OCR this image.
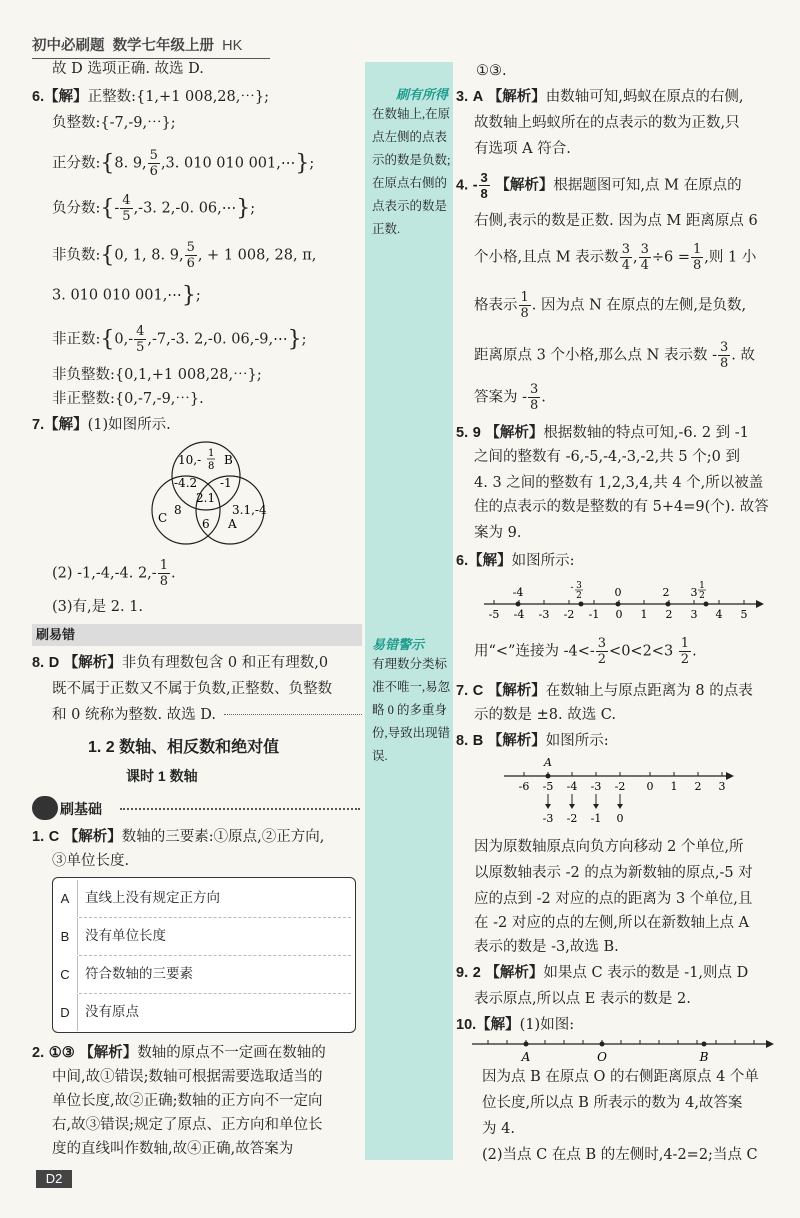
初中必刷题 数学七年级上册 HK
刷有所得
在数轴上,在原点左侧的点表示的数是负数;在原点右侧的点表示的数是正数.
易错警示
有理数分类标准不唯一,易忽略 0 的多重身份,导致出现错误.
故 D 选项正确. 故选 D.
6.【解】正整数:{1,+1 008,28,⋯};
负整数:{-7,-9,⋯};
正分数:{8. 9, $\frac{5}{6} ,3$. 010 010 001,⋯};
负分数:{- $\frac{4}{5} ,-3$. 2,-0. 06,⋯};
非负数:{0, 1, 8. 9, $\frac{5}{6}$ , + 1 008, 28, π,
3. 010 010 001,⋯};
非正数:{0,- $\frac{4}{5} ,-7,-3$. 2,-0. 06,-9,⋯};
非负整数:{0,1,+1 008,28,⋯};
非正整数:{0,-7,-9,⋯}.
7.【解】(1)如图所示.
10,- 1
8 B
-4.2 -1
2.1
C
8	3.1,-4
6 A
(2) -1,-4,-4. $2,- \frac{1}{8}$ .
(3)有,是 2. 1.
刷易错
8. D 【解析】非负有理数包含 0 和正有理数,0
既不属于正数又不属于负数,正整数、负整数
和 0 统称为整数. 故选 D.
1. 2 数轴、相反数和绝对值
课时 1 数轴
刷基础
1. C 【解析】数轴的三要素:①原点,②正方向,
③单位长度.
A	直线上没有规定正方向
B	没有单位长度
C	符合数轴的三要素
D	没有原点
2. ①③ 【解析】数轴的原点不一定画在数轴的
中间,故①错误;数轴可根据需要选取适当的
单位长度,故②正确;数轴的正方向不一定向
右,故③错误;规定了原点、正方向和单位长
度的直线叫作数轴,故④正确,故答案为
D2
①③.
3. A 【解析】由数轴可知,蚂蚁在原点的右侧,
故数轴上蚂蚁所在的点表示的数为正数,只
有选项 A 符合.
4. - $\frac{3}{8}$ 【解析】根据题图可知,点 M 在原点的
右侧,表示的数是正数. 因为点 M 距离原点 6
个小格,且点 M 表示数 $\frac{3}{4}$ , $\frac{3}{4} \div 6 = \frac{1}{8}$ ,则 1 小
格表示 $\frac{1}{8}$ . 因为点 N 在原点的左侧,是负数,
距离原点 3 个小格,那么点 N 表示数 - $\frac{3}{8}$ . 故
答案为 - $\frac{3}{8}$ .
5. 9 【解析】根据数轴的特点可知,-6. 2 到 -1
之间的整数有 -6,-5,-4,-3,-2,共 5 个;0 到
4. 3 之间的整数有 1,2,3,4,共 4 个,所以被盖
住的点表示的数是整数的有 5+4=9(个). 故答
案为 9.
6.【解】如图所示:
-5 -4 -3 -2 -1 0 1 2 3 4 5
-4	- 3
2	0	2 3 1
2
用“<”连接为 $-4<- \frac{3}{2} <0<2<3 \frac{1}{2}$ .
7. C 【解析】在数轴上与原点距离为 8 的点表
示的数是 ±8. 故选 C.
8. B 【解析】如图所示:
A
-6 -5 -4 -3 -2 0 1 2 3
-3 -2 -1 0
因为原数轴原点向负方向移动 2 个单位,所
以原数轴表示 -2 的点为新数轴的原点,-5 对
应的点到 -2 对应的点的距离为 3 个单位,且
在 -2 对应的点的左侧,所以在新数轴上点 A
表示的数是 -3,故选 B.
9. 2 【解析】如果点 C 表示的数是 -1,则点 D
表示原点,所以点 E 表示的数是 2.
10.【解】(1)如图:
A	O	B
因为点 B 在原点 O 的右侧距离原点 4 个单
位长度,所以点 B 所表示的数为 4,故答案
为 4.
(2)当点 C 在点 B 的左侧时,4-2=2;当点 C
